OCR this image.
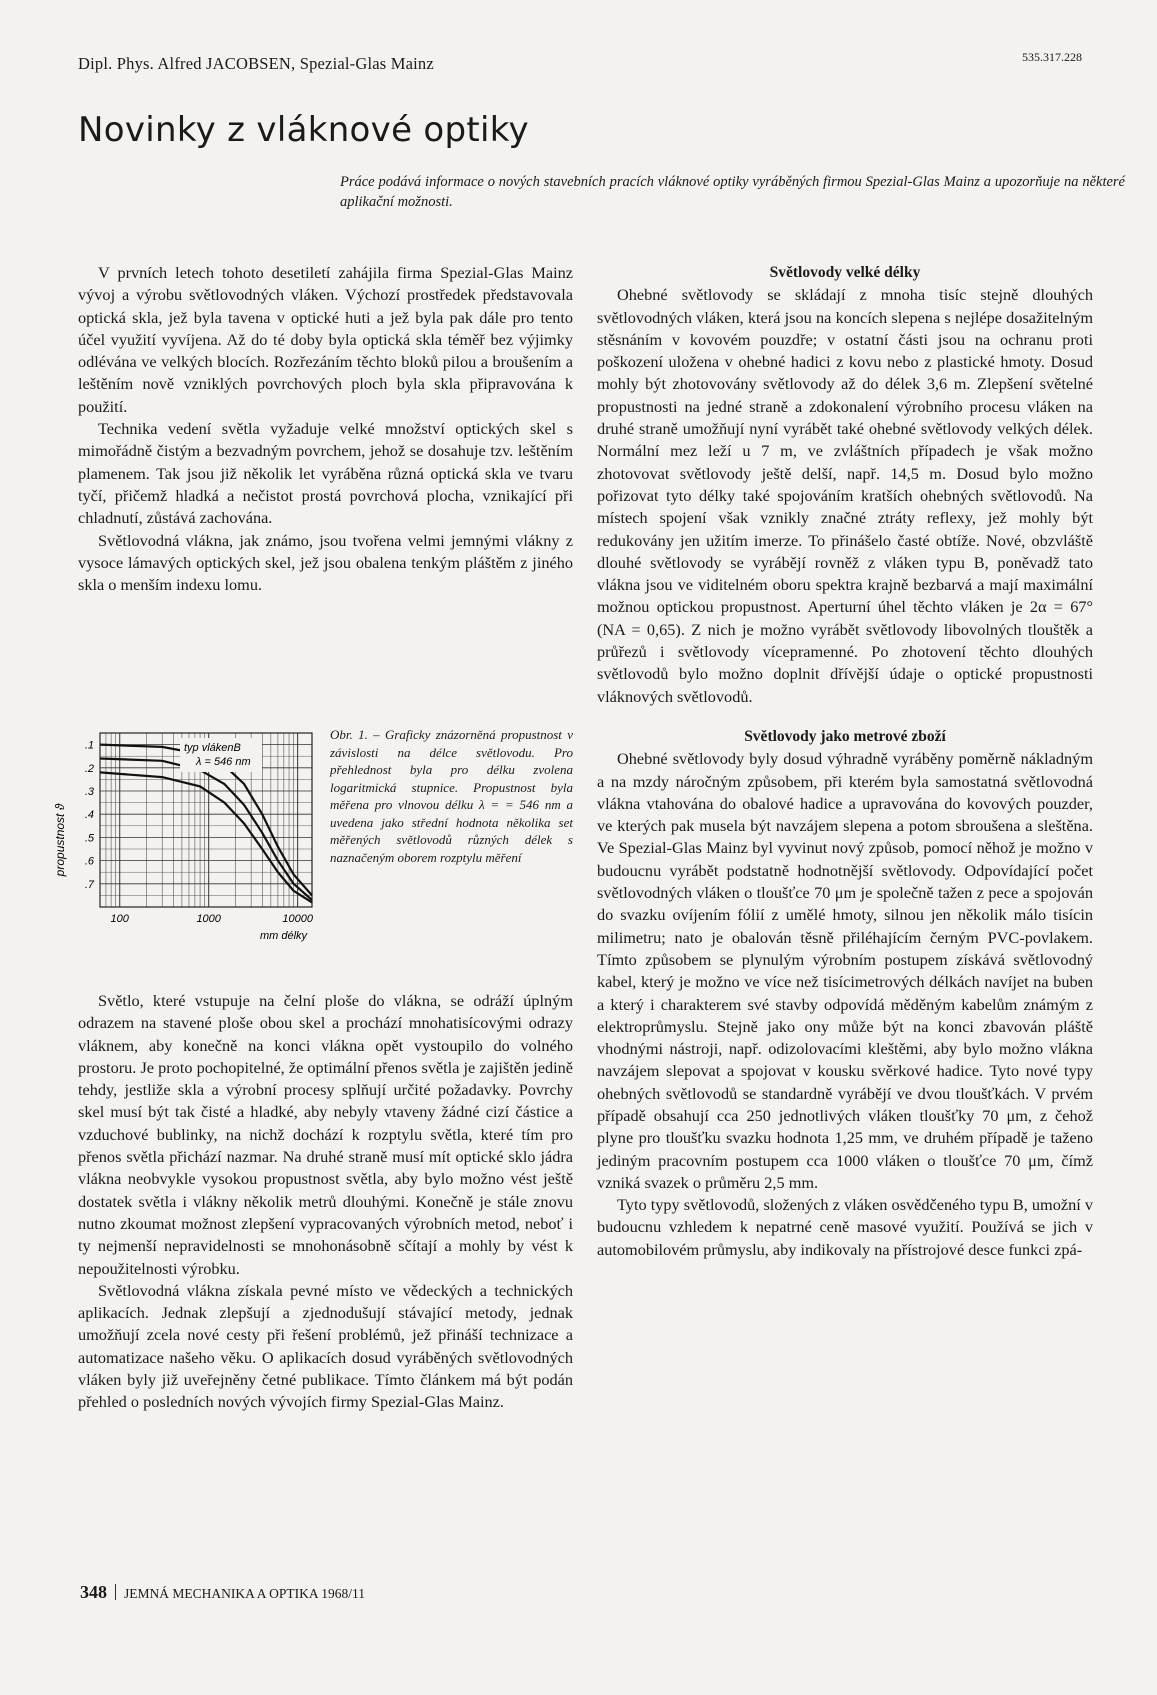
Dipl. Phys. Alfred JACOBSEN, Spezial-Glas Mainz	535.317.228
Novinky z vláknové optiky
Práce podává informace o nových stavebních pracích vláknové optiky vyráběných firmou Spezial-Glas Mainz a upozorňuje na některé aplikační možnosti.

V prvních letech tohoto desetiletí zahájila firma Spezial-Glas Mainz vývoj a výrobu světlovodných vláken. Výchozí prostředek představovala optická skla, jež byla tavena v optické huti a jež byla pak dále pro tento účel využití vyvíjena. Až do té doby byla optická skla téměř bez výjimky odlévána ve velkých blocích. Rozřezáním těchto bloků pilou a broušením a leštěním nově vzniklých povrchových ploch byla skla připravována k použití.

Technika vedení světla vyžaduje velké množství optických skel s mimořádně čistým a bezvadným povrchem, jehož se dosahuje tzv. leštěním plamenem. Tak jsou již několik let vyráběna různá optická skla ve tvaru tyčí, přičemž hladká a nečistot prostá povrchová plocha, vznikající při chladnutí, zůstává zachována.

Světlovodná vlákna, jak známo, jsou tvořena velmi jemnými vlákny z vysoce lámavých optických skel, jež jsou obalena tenkým pláštěm z jiného skla o menším indexu lomu.

.7
.6
.5
.4
.3
.2
.1
100	1000	10000
typ vlákenB
λ = 546 nm
propustnost ϑ
mm délky
Obr. 1. – Graficky znázorněná propustnost v závislosti na délce světlovodu. Pro přehlednost byla pro délku zvolena logaritmická stupnice. Propustnost byla měřena pro vlnovou délku λ = = 546 nm a uvedena jako střední hodnota několika set měřených světlovodů různých délek s naznačeným oborem rozptylu měření

Světlo, které vstupuje na čelní ploše do vlákna, se odráží úplným odrazem na stavené ploše obou skel a prochází mnohatisícovými odrazy vláknem, aby konečně na konci vlákna opět vystoupilo do volného prostoru. Je proto pochopitelné, že optimální přenos světla je zajištěn jedině tehdy, jestliže skla a výrobní procesy splňují určité požadavky. Povrchy skel musí být tak čisté a hladké, aby nebyly vtaveny žádné cizí částice a vzduchové bublinky, na nichž dochází k rozptylu světla, které tím pro přenos světla přichází nazmar. Na druhé straně musí mít optické sklo jádra vlákna neobvykle vysokou propustnost světla, aby bylo možno vést ještě dostatek světla i vlákny několik metrů dlouhými. Konečně je stále znovu nutno zkoumat možnost zlepšení vypracovaných výrobních metod, neboť i ty nejmenší nepravidelnosti se mnohonásobně sčítají a mohly by vést k nepoužitelnosti výrobku.

Světlovodná vlákna získala pevné místo ve vědeckých a technických aplikacích. Jednak zlepšují a zjednodušují stávající metody, jednak umožňují zcela nové cesty při řešení problémů, jež přináší technizace a automatizace našeho věku. O aplikacích dosud vyráběných světlovodných vláken byly již uveřejněny četné publikace. Tímto článkem má být podán přehled o posledních nových vývojích firmy Spezial-Glas Mainz.

Světlovody velké délky

Ohebné světlovody se skládají z mnoha tisíc stejně dlouhých světlovodných vláken, která jsou na koncích slepena s nejlépe dosažitelným stěsnáním v kovovém pouzdře; v ostatní části jsou na ochranu proti poškození uložena v ohebné hadici z kovu nebo z plastické hmoty. Dosud mohly být zhotovovány světlovody až do délek 3,6 m. Zlepšení světelné propustnosti na jedné straně a zdokonalení výrobního procesu vláken na druhé straně umožňují nyní vyrábět také ohebné světlovody velkých délek. Normální mez leží u 7 m, ve zvláštních případech je však možno zhotovovat světlovody ještě delší, např. 14,5 m. Dosud bylo možno pořizovat tyto délky také spojováním kratších ohebných světlovodů. Na místech spojení však vznikly značné ztráty reflexy, jež mohly být redukovány jen užitím imerze. To přinášelo časté obtíže. Nové, obzvláště dlouhé světlovody se vyrábějí rovněž z vláken typu B, poněvadž tato vlákna jsou ve viditelném oboru spektra krajně bezbarvá a mají maximální možnou optickou propustnost. Aperturní úhel těchto vláken je 2α = 67° (NA = 0,65). Z nich je možno vyrábět světlovody libovolných tlouštěk a průřezů i světlovody vícepramenné. Po zhotovení těchto dlouhých světlovodů bylo možno doplnit dřívější údaje o optické propustnosti vláknových světlovodů.

Světlovody jako metrové zboží

Ohebné světlovody byly dosud výhradně vyráběny poměrně nákladným a na mzdy náročným způsobem, při kterém byla samostatná světlovodná vlákna vtahována do obalové hadice a upravována do kovových pouzder, ve kterých pak musela být navzájem slepena a potom sbroušena a sleštěna. Ve Spezial-Glas Mainz byl vyvinut nový způsob, pomocí něhož je možno v budoucnu vyrábět podstatně hodnotnější světlovody. Odpovídající počet světlovodných vláken o tloušťce 70 μm je společně tažen z pece a spojován do svazku ovíjením fólií z umělé hmoty, silnou jen několik málo tisícin milimetru; nato je obalován těsně přiléhajícím černým PVC-povlakem. Tímto způsobem se plynulým výrobním postupem získává světlovodný kabel, který je možno ve více než tisícimetrových délkách navíjet na buben a který i charakterem své stavby odpovídá měděným kabelům známým z elektroprůmyslu. Stejně jako ony může být na konci zbavován pláště vhodnými nástroji, např. odizolovacími kleštěmi, aby bylo možno vlákna navzájem slepovat a spojovat v kousku svěrkové hadice. Tyto nové typy ohebných světlovodů se standardně vyrábějí ve dvou tloušťkách. V prvém případě obsahují cca 250 jednotlivých vláken tloušťky 70 μm, z čehož plyne pro tloušťku svazku hodnota 1,25 mm, ve druhém případě je taženo jediným pracovním postupem cca 1000 vláken o tloušťce 70 μm, čímž vzniká svazek o průměru 2,5 mm.

Tyto typy světlovodů, složených z vláken osvědčeného typu B, umožní v budoucnu vzhledem k nepatrné ceně masové využití. Používá se jich v automobilovém průmyslu, aby indikovaly na přístrojové desce funkci zpá-

348 JEMNÁ MECHANIKA A OPTIKA 1968/11
